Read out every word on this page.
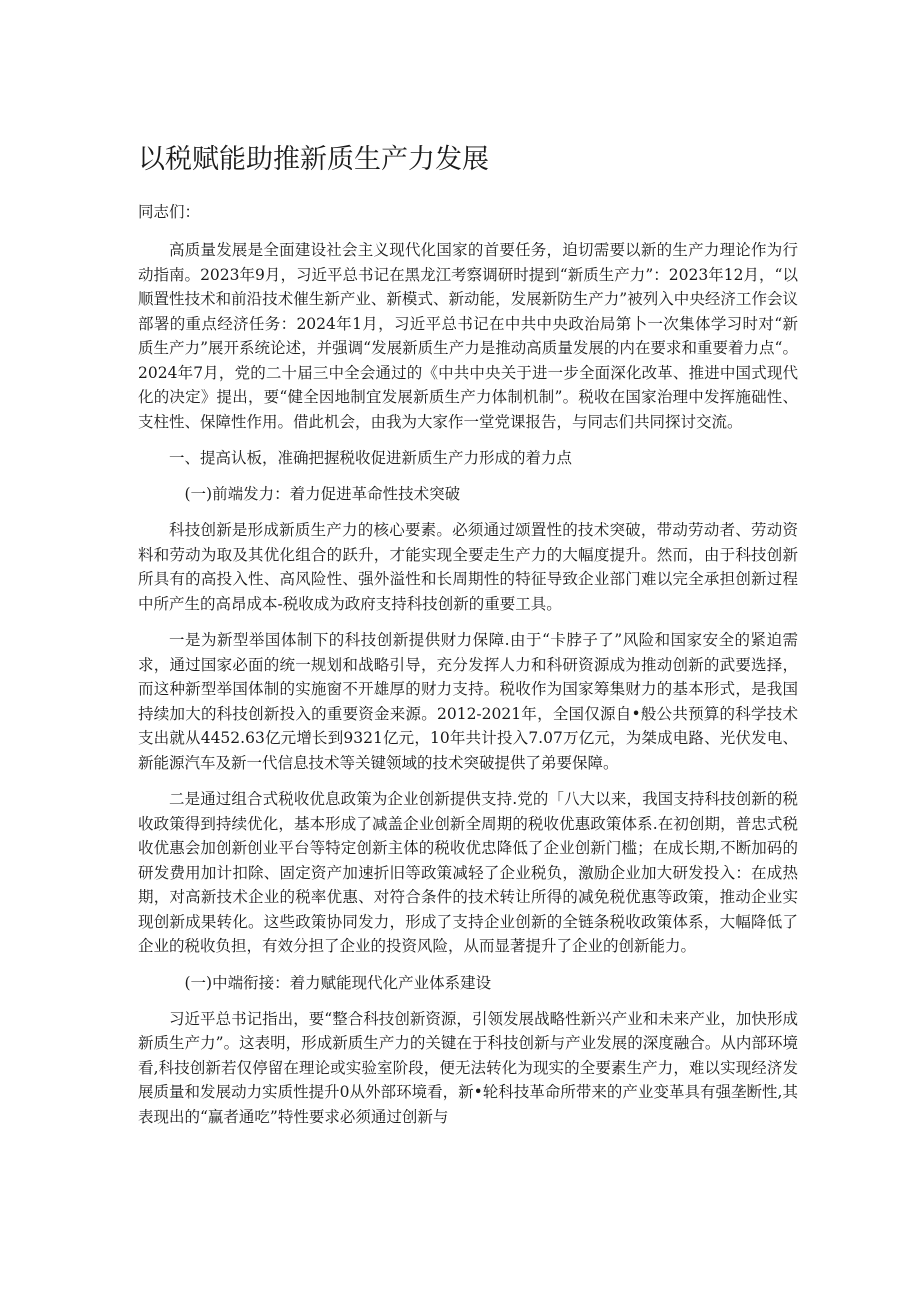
以税赋能助推新质生产力发展

同志们：

高质量发展是全面建设社会主义现代化国家的首要任务，迫切需要以新的生产力理论作为行动指南。2023年9月，习近平总书记在黑龙江考察调研时提到“新质生产力”：2023年12月，“以顺置性技术和前沿技术催生新产业、新模式、新动能，发展新防生产力”被列入中央经济工作会议部署的重点经济任务：2024年1月，习近平总书记在中共中央政治局第卜一次集体学习时对“新质生产力”展开系统论述，并强调“发展新质生产力是推动高质量发展的内在要求和重要着力点“。2024年7月，党的二十届三中全会通过的《中共中央关于进一步全面深化改革、推进中国式现代化的决定》提出，要“健全因地制宜发展新质生产力体制机制”。税收在国家治理中发挥施础性、支柱性、保障性作用。借此机会，由我为大家作一堂党课报告，与同志们共同探讨交流。

一、提高认板，准确把握税收促进新质生产力形成的着力点

(一)前端发力：着力促进革命性技术突破

科技创新是形成新质生产力的核心要素。必须通过颂置性的技术突破，带动劳动者、劳动资料和劳动为取及其优化组合的跃升，才能实现全要走生产力的大幅度提升。然而，由于科技创新所具有的高投入性、高风险性、强外溢性和长周期性的特征导致企业部门难以完全承担创新过程中所产生的高昂成本-税收成为政府支持科技创新的重要工具。

一是为新型举国体制下的科技创新提供财力保障.由于“卡脖子了”风险和国家安全的紧迫需求，通过国家必面的统一规划和战略引导，充分发挥人力和科研资源成为推动创新的武要选择，而这种新型举国体制的实施窗不开雄厚的财力支持。税收作为国家筹集财力的基本形式，是我国持续加大的科技创新投入的重要资金来源。2012-2021年，全国仅源自•般公共预算的科学技术支出就从4452.63亿元增长到9321亿元，10年共计投入7.07万亿元，为桀成电路、光伏发电、新能源汽车及新一代信息技术等关键领域的技术突破提供了弟要保障。

二是通过组合式税收优息政策为企业创新提供支持.党的「八大以来，我国支持科技创新的税收政策得到持续优化，基本形成了减盖企业创新全周期的税收优惠政策体系.在初创期，普忠式税收优惠会加创新创业平台等特定创新主体的税收优忠降低了企业创新门槛；在成长期,不断加码的研发费用加计扣除、固定资产加速折旧等政策减轻了企业税负，激励企业加大研发投入：在成热期，对高新技术企业的税率优惠、对符合条件的技术转让所得的减免税优惠等政策，推动企业实现创新成果转化。这些政策协同发力，形成了支持企业创新的全链条税收政策体系，大幅降低了企业的税收负担，有效分担了企业的投资风险，从而显著提升了企业的创新能力。

(一)中端衔接：着力赋能现代化产业体系建设

习近平总书记指出，要“整合科技创新资源，引领发展战略性新兴产业和未来产业，加快形成新质生产力”。这表明，形成新质生产力的关键在于科技创新与产业发展的深度融合。从内部环境看,科技创新若仅停留在理论或实验室阶段，便无法转化为现实的全要素生产力，难以实现经济发展质量和发展动力实质性提升0从外部环境看，新•轮科技革命所带来的产业变革具有强垄断性,其表现出的“赢者通吃”特性要求必须通过创新与
